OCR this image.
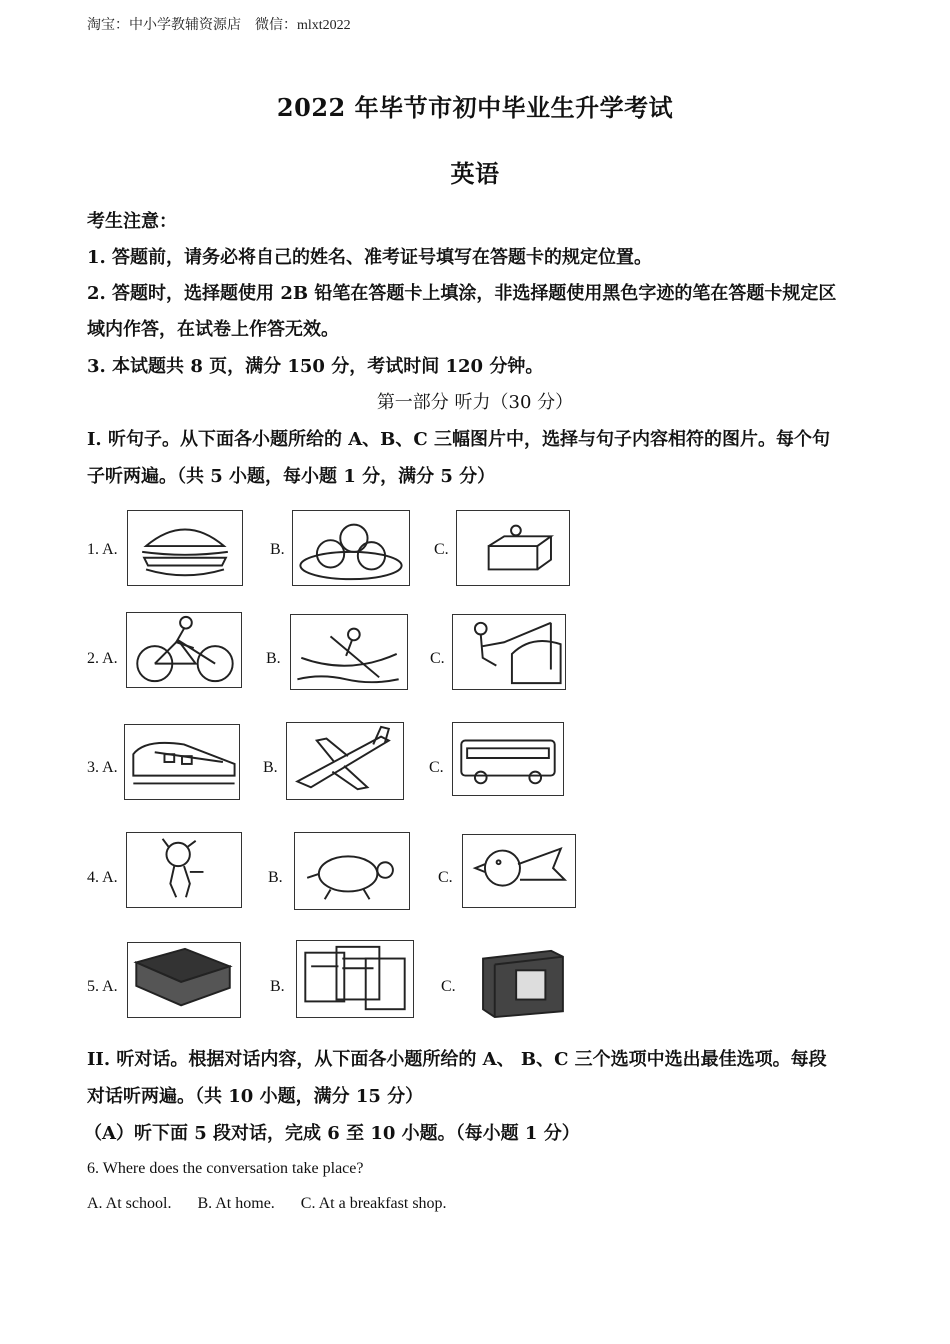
淘宝：中小学教辅资源店　微信：mlxt2022
2022 年毕节市初中毕业生升学考试
英语
考生注意：
1. 答题前，请务必将自己的姓名、准考证号填写在答题卡的规定位置。
2. 答题时，选择题使用 2B 铅笔在答题卡上填涂，非选择题使用黑色字迹的笔在答题卡规定区
域内作答，在试卷上作答无效。
3. 本试题共 8 页，满分 150 分，考试时间 120 分钟。
第一部分 听力（30 分）
I. 听句子。从下面各小题所给的 A、B、C 三幅图片中，选择与句子内容相符的图片。每个句
子听两遍。（共 5 小题，每小题 1 分，满分 5 分）
1. A.	B.	C.
2. A.	B.	C.
3. A.	B.	C.
4. A.	B.	C.
5. A.	B.	C.
II. 听对话。根据对话内容，从下面各小题所给的 A、 B、C 三个选项中选出最佳选项。每段
对话听两遍。（共 10 小题，满分 15 分）
（A）听下面 5 段对话，完成 6 至 10 小题。（每小题 1 分）
6. Where does the conversation take place?
A. At school. B. At home. C. At a breakfast shop.
